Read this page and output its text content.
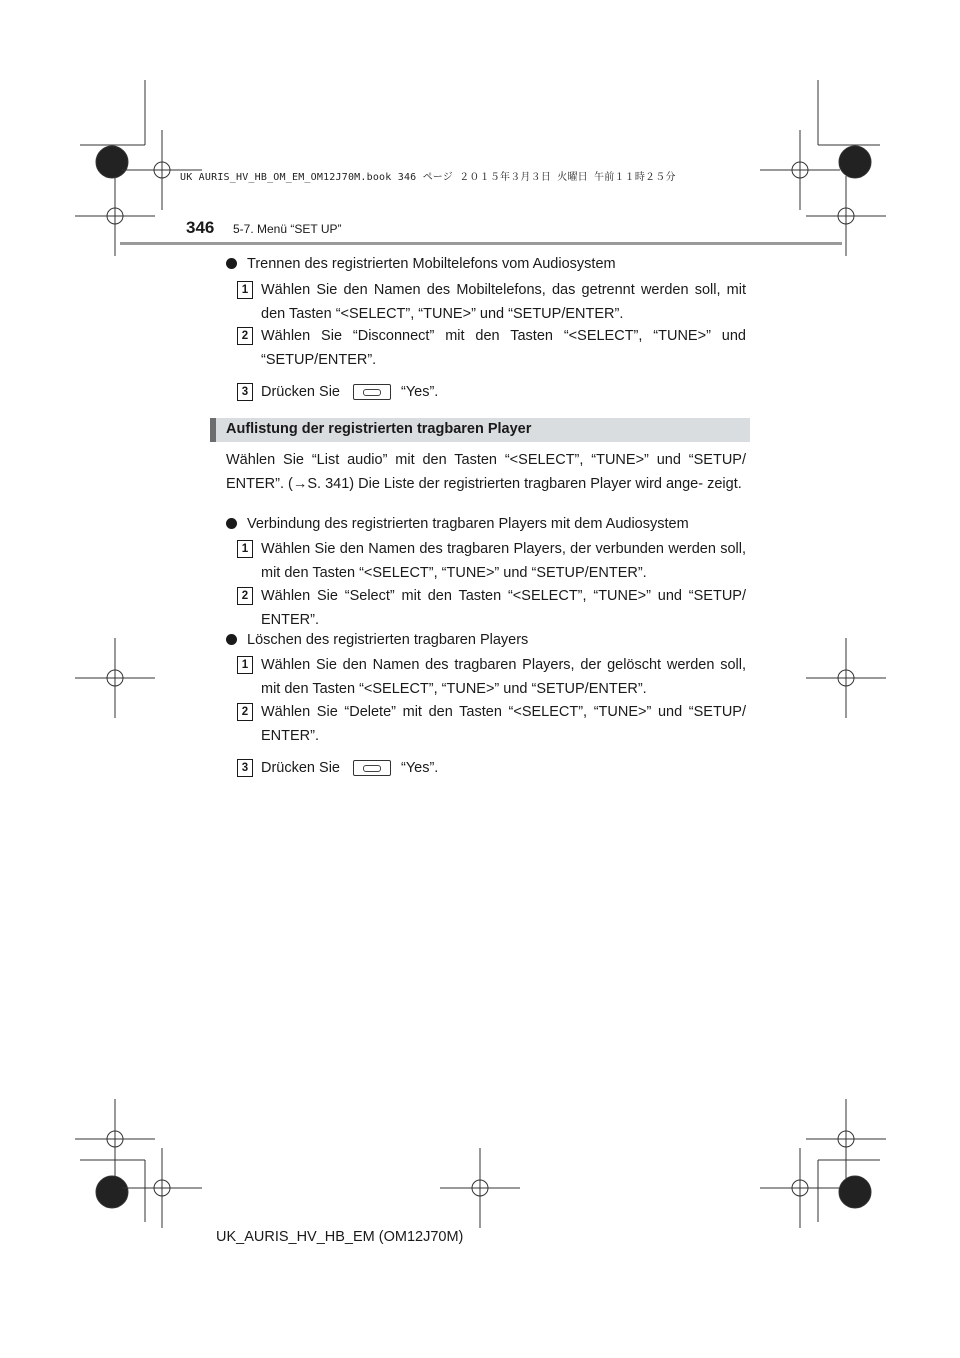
UK AURIS_HV_HB_OM_EM_OM12J70M.book 346 ページ ２０１５年３月３日 火曜日 午前１１時２５分
346 5-7. Menü “SET UP”
Trennen des registrierten Mobiltelefons vom Audiosystem
1 Wählen Sie den Namen des Mobiltelefons, das getrennt werden soll, mit den Tasten “<SELECT”, “TUNE>” und “SETUP/ENTER”.
2 Wählen Sie “Disconnect” mit den Tasten “<SELECT”, “TUNE>” und “SETUP/ENTER”.
3 Drücken Sie	“Yes”.
Auflistung der registrierten tragbaren Player
Wählen Sie “List audio” mit den Tasten “<SELECT”, “TUNE>” und “SETUP/ ENTER”. (→S. 341) Die Liste der registrierten tragbaren Player wird ange- zeigt.
Verbindung des registrierten tragbaren Players mit dem Audiosystem
1 Wählen Sie den Namen des tragbaren Players, der verbunden werden soll, mit den Tasten “<SELECT”, “TUNE>” und “SETUP/ENTER”.
2 Wählen Sie “Select” mit den Tasten “<SELECT”, “TUNE>” und “SETUP/ ENTER”.
Löschen des registrierten tragbaren Players
1 Wählen Sie den Namen des tragbaren Players, der gelöscht werden soll, mit den Tasten “<SELECT”, “TUNE>” und “SETUP/ENTER”.
2 Wählen Sie “Delete” mit den Tasten “<SELECT”, “TUNE>” und “SETUP/ ENTER”.
3 Drücken Sie	“Yes”.
UK_AURIS_HV_HB_EM (OM12J70M)
